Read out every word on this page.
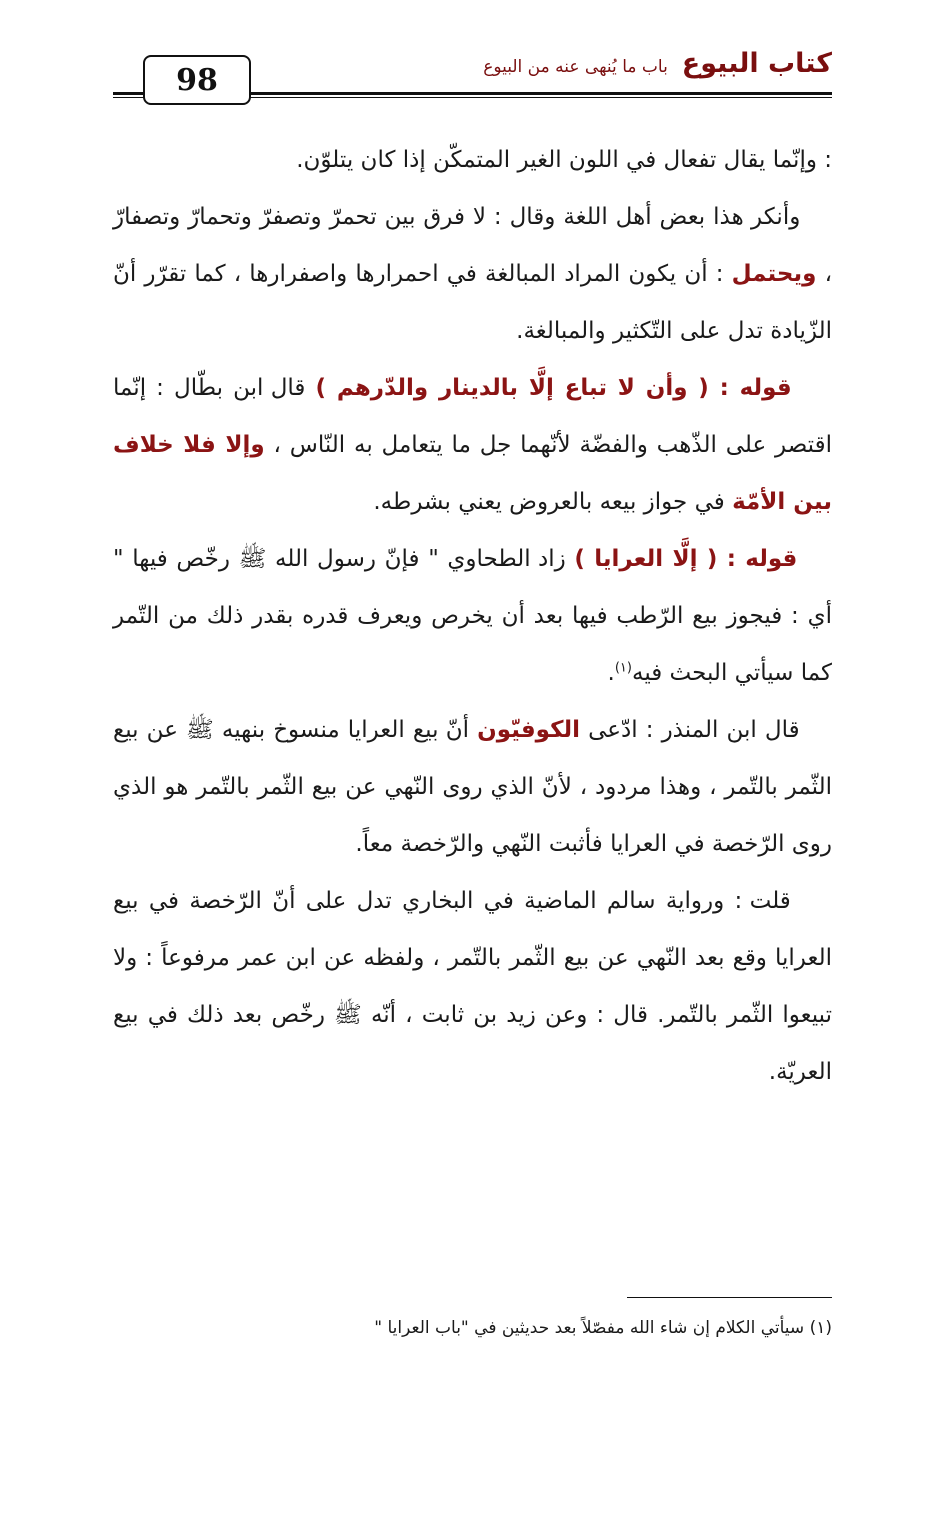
كتاب البيوع
باب ما يُنهى عنه من البيوع
98

: وإنّما يقال تفعال في اللون الغير المتمكّن إذا كان يتلوّن.

وأنكر هذا بعض أهل اللغة وقال : لا فرق بين تحمرّ وتصفرّ وتحمارّ وتصفارّ ، ويحتمل : أن يكون المراد المبالغة في احمرارها واصفرارها ، كما تقرّر أنّ الزّيادة تدل على التّكثير والمبالغة.

قوله : ( وأن لا تباع إلَّا بالدينار والدّرهم ) قال ابن بطّال : إنّما اقتصر على الذّهب والفضّة لأنّهما جل ما يتعامل به النّاس ، وإلا فلا خلاف بين الأمّة في جواز بيعه بالعروض يعني بشرطه.

قوله : ( إلَّا العرايا ) زاد الطحاوي " فإنّ رسول الله ﷺ رخّص فيها " أي : فيجوز بيع الرّطب فيها بعد أن يخرص ويعرف قدره بقدر ذلك من التّمر كما سيأتي البحث فيه$^{(١)}$.

قال ابن المنذر : ادّعى الكوفيّون أنّ بيع العرايا منسوخ بنهيه ﷺ عن بيع الثّمر بالتّمر ، وهذا مردود ، لأنّ الذي روى النّهي عن بيع الثّمر بالتّمر هو الذي روى الرّخصة في العرايا فأثبت النّهي والرّخصة معاً.

قلت : ورواية سالم الماضية في البخاري تدل على أنّ الرّخصة في بيع العرايا وقع بعد النّهي عن بيع الثّمر بالتّمر ، ولفظه عن ابن عمر مرفوعاً : ولا تبيعوا الثّمر بالتّمر. قال : وعن زيد بن ثابت ، أنّه ﷺ رخّص بعد ذلك في بيع العريّة.

(١) سيأتي الكلام إن شاء الله مفصّلاً بعد حديثين في "باب العرايا "
